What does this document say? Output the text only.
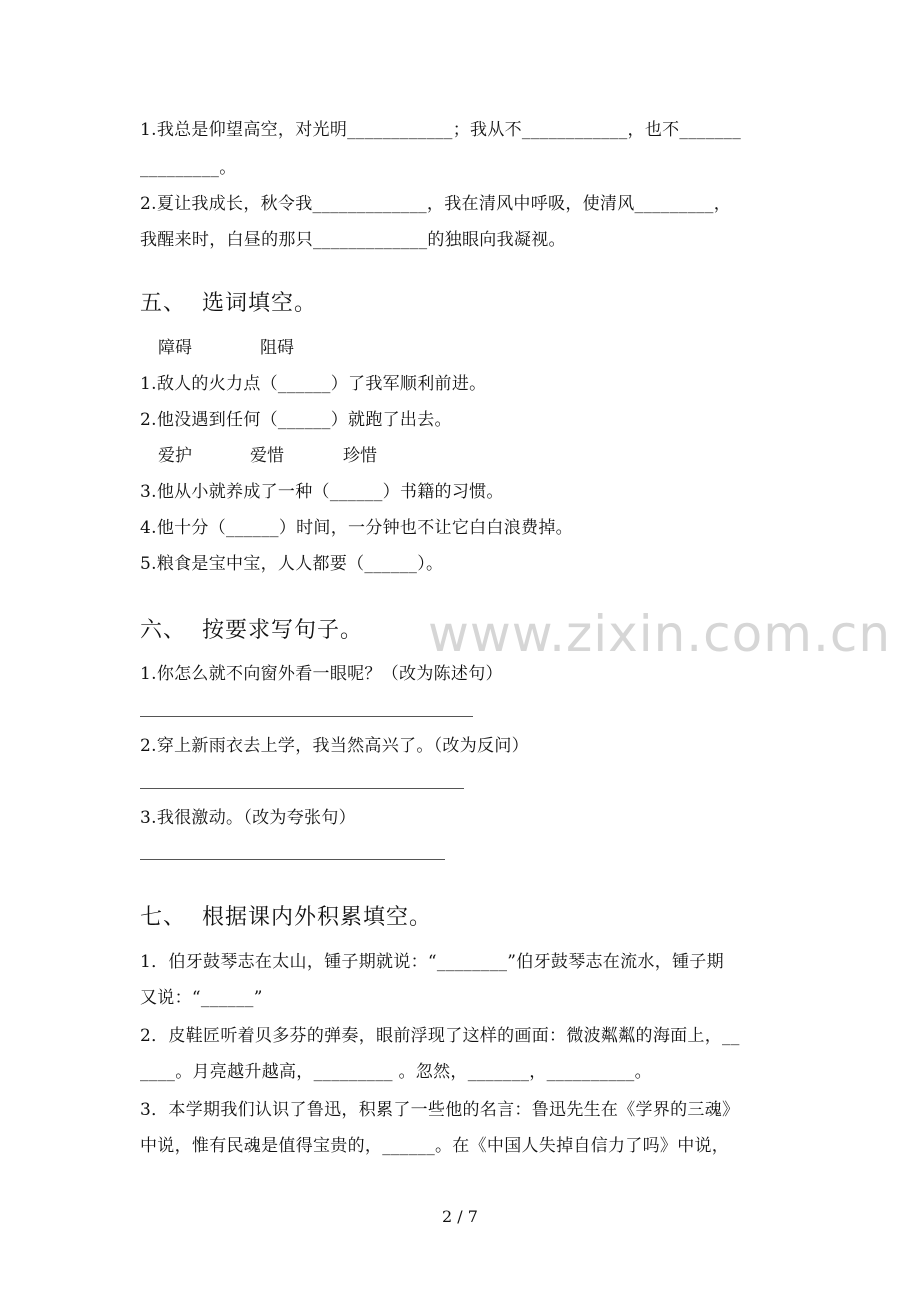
1.我总是仰望高空，对光明____________；我从不____________，也不_______
_________。
2.夏让我成长，秋令我_____________，我在清风中呼吸，使清风_________，
我醒来时，白昼的那只_____________的独眼向我凝视。
五、 选词填空。
障碍	阻碍
1.敌人的火力点（______）了我军顺利前进。
2.他没遇到任何（______）就跑了出去。
爱护	爱惜	珍惜
3.他从小就养成了一种（______）书籍的习惯。
4.他十分（______）时间，一分钟也不让它白白浪费掉。
5.粮食是宝中宝，人人都要（______）。
www.zixin.com.cn
六、 按要求写句子。
1.你怎么就不向窗外看一眼呢？（改为陈述句）
2.穿上新雨衣去上学，我当然高兴了。（改为反问）
3.我很激动。（改为夸张句）
七、 根据课内外积累填空。
1．伯牙鼓琴志在太山，锺子期就说：“________”伯牙鼓琴志在流水，锺子期
又说：“______”
2．皮鞋匠听着贝多芬的弹奏，眼前浮现了这样的画面：微波粼粼的海面上，__
____。月亮越升越高，_________ 。忽然，_______，__________。
3．本学期我们认识了鲁迅，积累了一些他的名言：鲁迅先生在《学界的三魂》
中说，惟有民魂是值得宝贵的，______。在《中国人失掉自信力了吗》中说，
2 / 7
